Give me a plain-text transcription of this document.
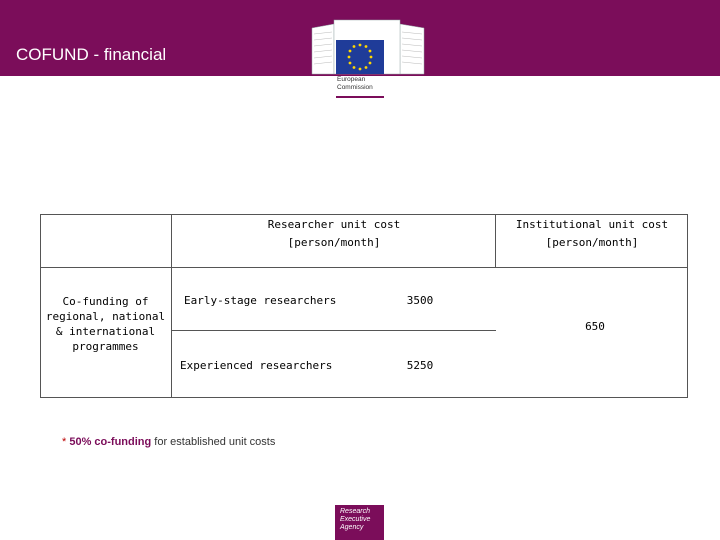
COFUND - financial
European
Commission
Researcher unit cost
[person/month]
Institutional unit cost
[person/month]
Co-funding of regional, national & international programmes
Early-stage researchers	3500
Experienced researchers	5250
650
* 50% co-funding for established unit costs
Research
Executive
Agency
